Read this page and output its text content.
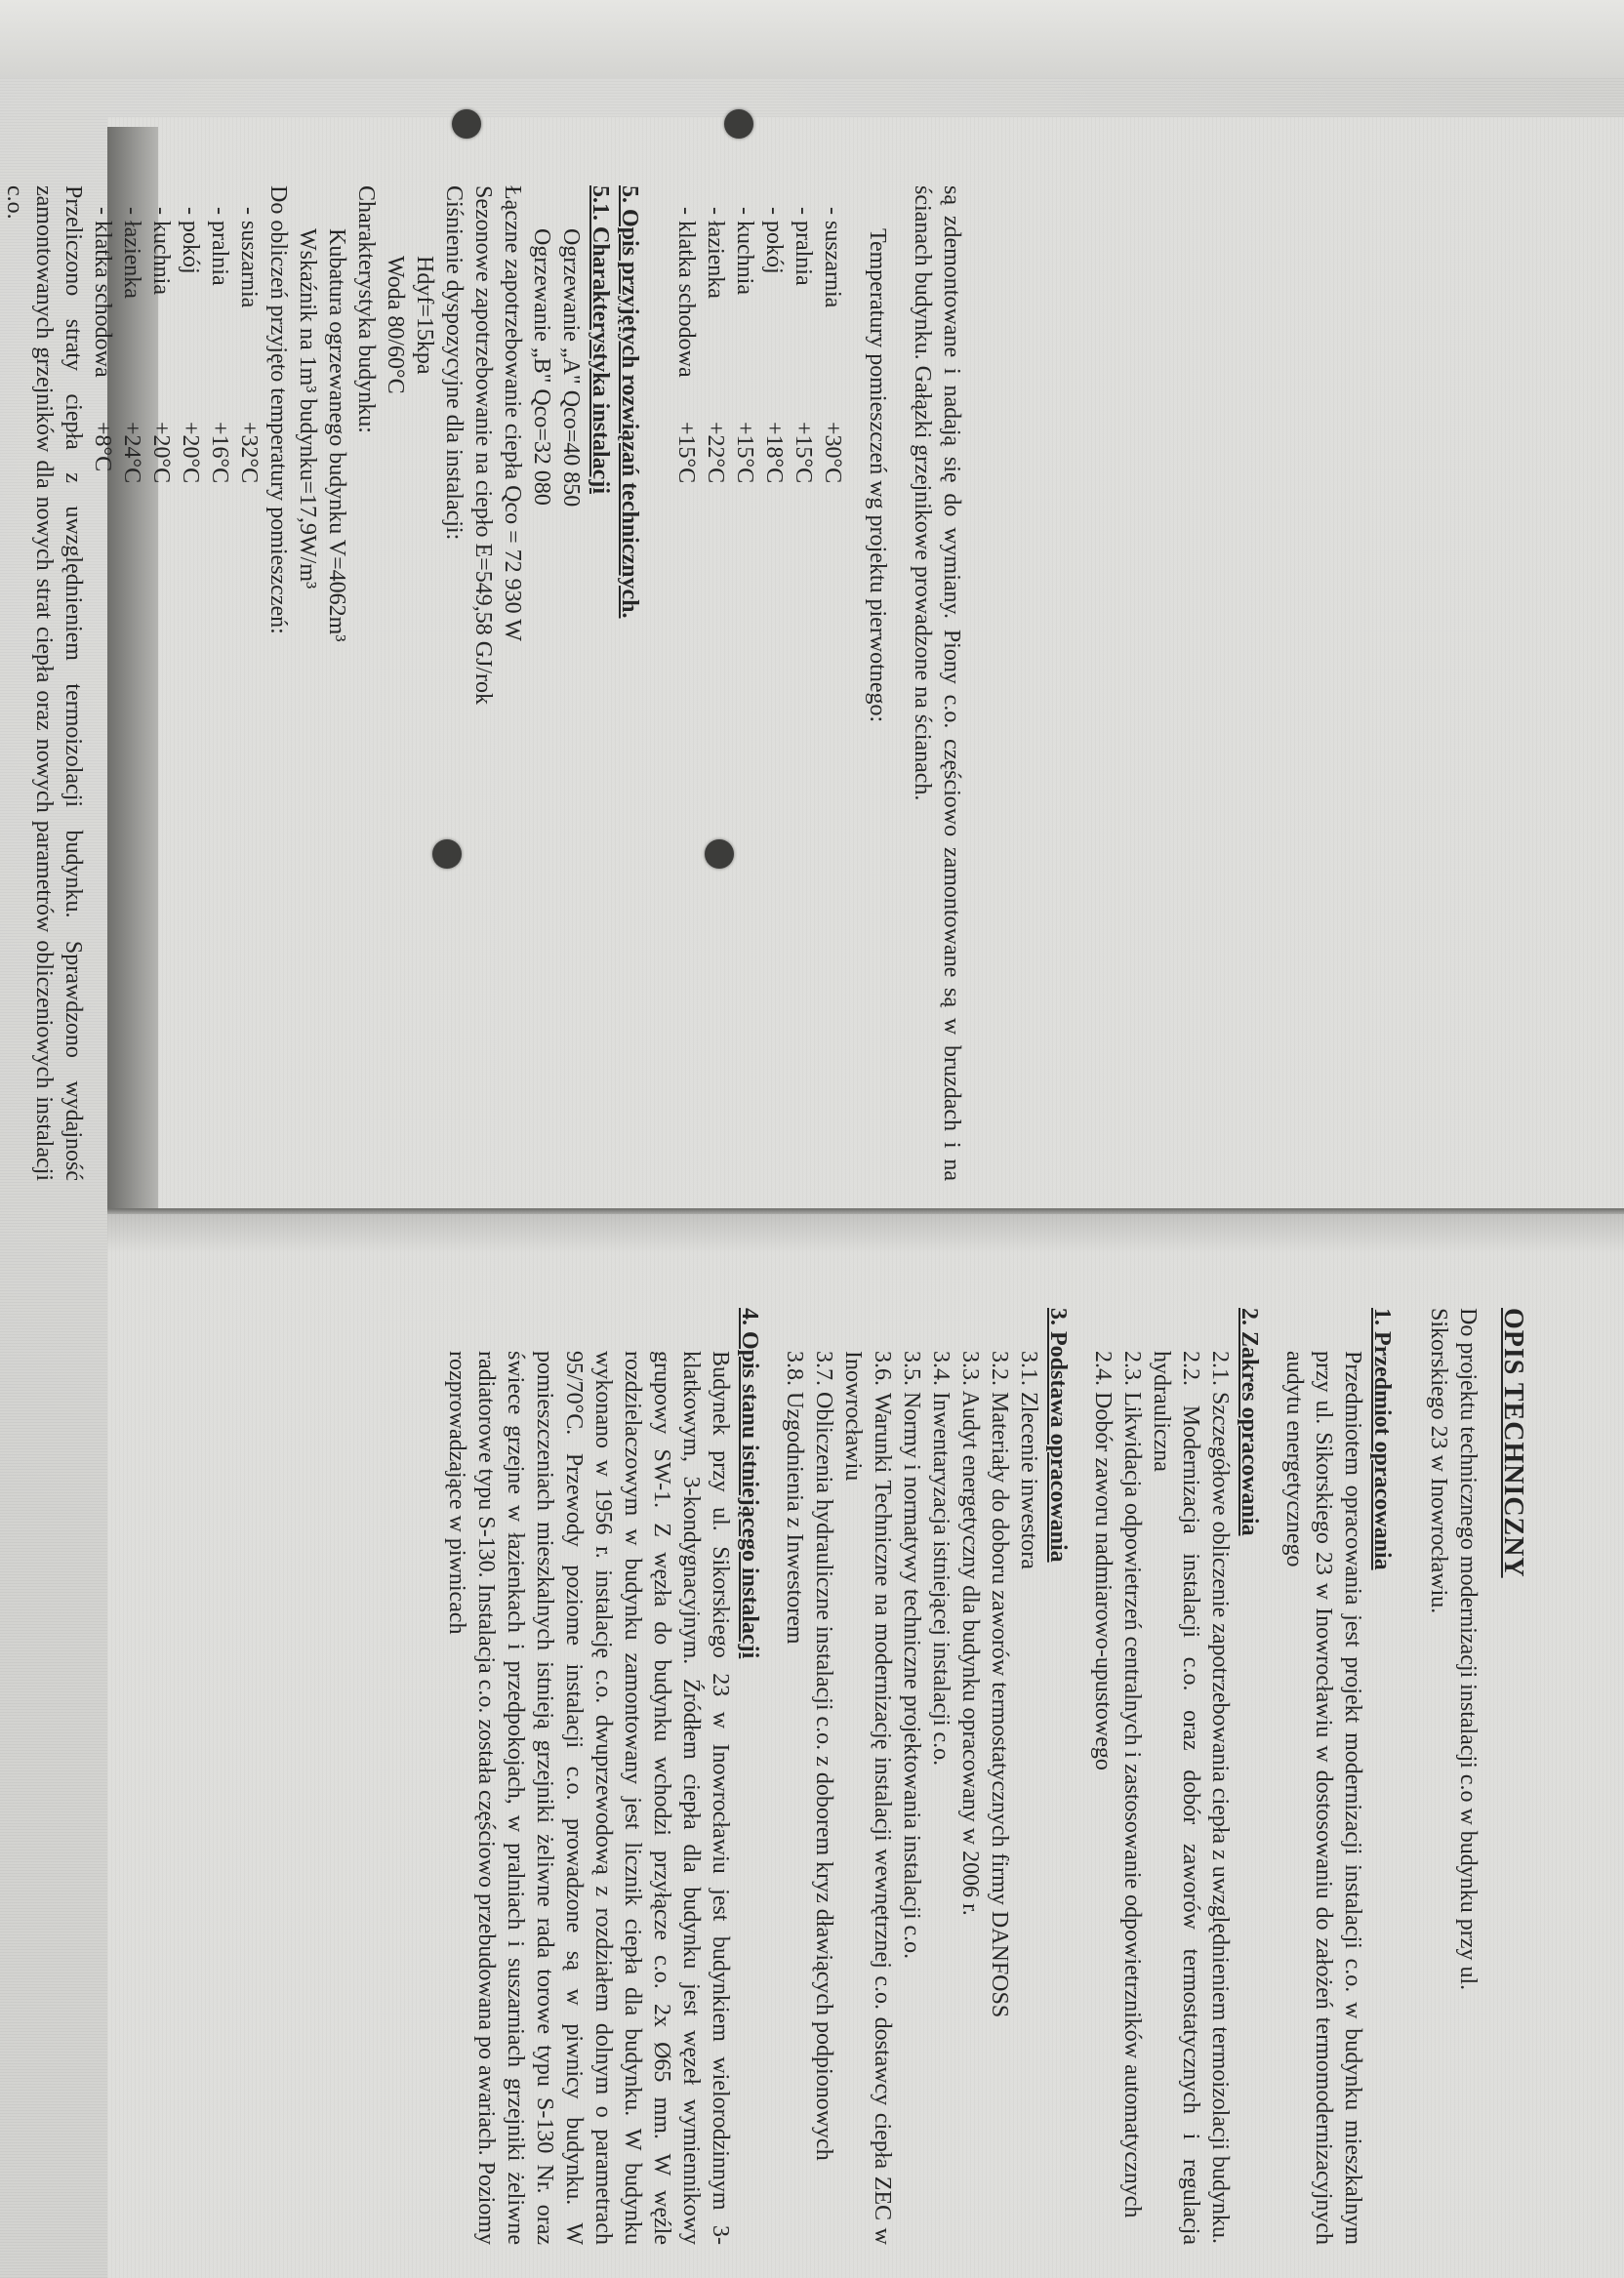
są zdemontowane i nadają się do wymiany. Piony c.o. częściowo zamontowane są w bruzdach i na ścianach budynku. Gałązki grzejnikowe prowadzone na ścianach.

Temperatury pomieszczeń wg projektu pierwotnego:

- suszarnia
+30°C
- pralnia
+15°C
- pokój
+18°C
- kuchnia
+15°C
- łazienka
+22°C
- klatka schodowa
+15°C

5. Opis przyjętych rozwiązań technicznych.

5.1. Charakterystyka instalacji

Ogrzewanie „A" Qco=40 850

Ogrzewanie „B" Qco=32 080

Łączne zapotrzebowanie ciepła Qco = 72 930 W

Sezonowe zapotrzebowanie na ciepło E=549,58 GJ/rok

Ciśnienie dyspozycyjne dla instalacji:

Hdyf=15kpa

Woda 80/60°C

Charakterystyka budynku:

Kubatura ogrzewanego budynku V=4062m³

Wskaźnik na 1m³ budynku=17,9W/m³

Do obliczeń przyjęto temperatury pomieszczeń:

- suszarnia
+32°C
- pralnia
+16°C
- pokój
+20°C
- kuchnia
+20°C
- łazienka
+24°C
- klatka schodowa
+8°C

Przeliczono straty ciepła z uwzględnieniem termoizolacji budynku. Sprawdzono wydajność zamontowanych grzejników dla nowych strat ciepła oraz nowych parametrów obliczeniowych instalacji c.o.

OPIS TECHNICZNY

Do projektu technicznego modernizacji instalacji c.o w budynku przy ul.

Sikorskiego 23 w Inowrocławiu.

1. Przedmiot opracowania

Przedmiotem opracowania jest projekt modernizacji instalacji c.o. w budynku mieszkalnym przy ul. Sikorskiego 23 w Inowrocławiu w dostosowaniu do założeń termomodernizacyjnych audytu energetycznego

2. Zakres opracowania

2.1. Szczegółowe obliczenie zapotrzebowania ciepła z uwzględnieniem termoizolacji budynku.

2.2. Modernizacja instalacji c.o. oraz dobór zaworów termostatycznych i regulacja hydrauliczna

2.3. Likwidacja odpowietrzeń centralnych i zastosowanie odpowietrzników automatycznych

2.4. Dobór zaworu nadmiarowo-upustowego

3. Podstawa opracowania

3.1. Zlecenie inwestora

3.2. Materiały do doboru zaworów termostatycznych firmy DANFOSS

3.3. Audyt energetyczny dla budynku opracowany w 2006 r.

3.4. Inwentaryzacja istniejącej instalacji c.o.

3.5. Normy i normatywy techniczne projektowania instalacji c.o.

3.6. Warunki Techniczne na modernizację instalacji wewnętrznej c.o. dostawcy ciepła ZEC w Inowrocławiu

3.7. Obliczenia hydrauliczne instalacji c.o. z doborem kryz dławiących podpionowych

3.8. Uzgodnienia z Inwestorem

4. Opis stanu istniejącego instalacji

Budynek przy ul. Sikorskiego 23 w Inowrocławiu jest budynkiem wielorodzinnym 3-klatkowym, 3-kondygnacyjnym. Źródłem ciepła dla budynku jest węzeł wymiennikowy grupowy SW-1. Z węzła do budynku wchodzi przyłącze c.o. 2x Ø65 mm. W węźle rozdzielaczowym w budynku zamontowany jest licznik ciepła dla budynku. W budynku wykonano w 1956 r. instalację c.o. dwuprzewodową z rozdziałem dolnym o parametrach 95/70°C. Przewody poziome instalacji c.o. prowadzone są w piwnicy budynku. W pomieszczeniach mieszkalnych istnieją grzejniki żeliwne rada torowe typu S-130 Nr. oraz świece grzejne w łazienkach i przedpokojach, w pralniach i suszarniach grzejniki żeliwne radiatorowe typu S-130. Instalacja c.o. została częściowo przebudowana po awariach. Poziomy rozprowadzające w piwnicach
